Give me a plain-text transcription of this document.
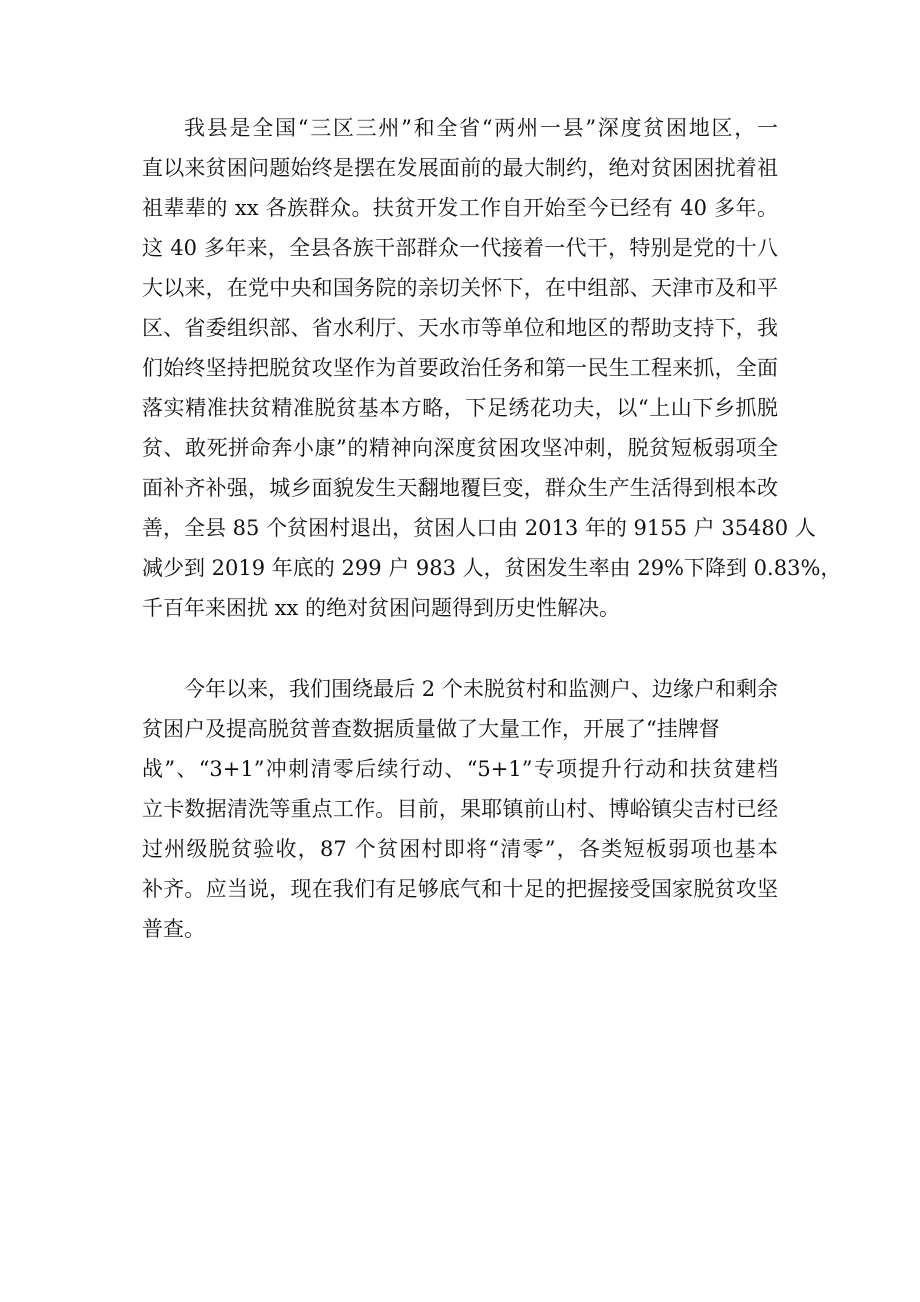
我县是全国“三区三州”和全省“两州一县”深度贫困地区，一
直以来贫困问题始终是摆在发展面前的最大制约，绝对贫困困扰着祖
祖辈辈的 xx 各族群众。扶贫开发工作自开始至今已经有 40 多年。
这 40 多年来，全县各族干部群众一代接着一代干，特别是党的十八
大以来，在党中央和国务院的亲切关怀下，在中组部、天津市及和平
区、省委组织部、省水利厅、天水市等单位和地区的帮助支持下，我
们始终坚持把脱贫攻坚作为首要政治任务和第一民生工程来抓，全面
落实精准扶贫精准脱贫基本方略，下足绣花功夫，以“上山下乡抓脱
贫、敢死拼命奔小康”的精神向深度贫困攻坚冲刺，脱贫短板弱项全
面补齐补强，城乡面貌发生天翻地覆巨变，群众生产生活得到根本改
善，全县 85 个贫困村退出，贫困人口由 2013 年的 9155 户 35480 人
减少到 2019 年底的 299 户 983 人，贫困发生率由 29%下降到 0.83%，
千百年来困扰 xx 的绝对贫困问题得到历史性解决。

今年以来，我们围绕最后 2 个未脱贫村和监测户、边缘户和剩余
贫困户及提高脱贫普查数据质量做了大量工作，开展了“挂牌督
战”、“3+1”冲刺清零后续行动、“5+1”专项提升行动和扶贫建档
立卡数据清洗等重点工作。目前，果耶镇前山村、博峪镇尖吉村已经
过州级脱贫验收，87 个贫困村即将“清零”，各类短板弱项也基本
补齐。应当说，现在我们有足够底气和十足的把握接受国家脱贫攻坚
普查。
